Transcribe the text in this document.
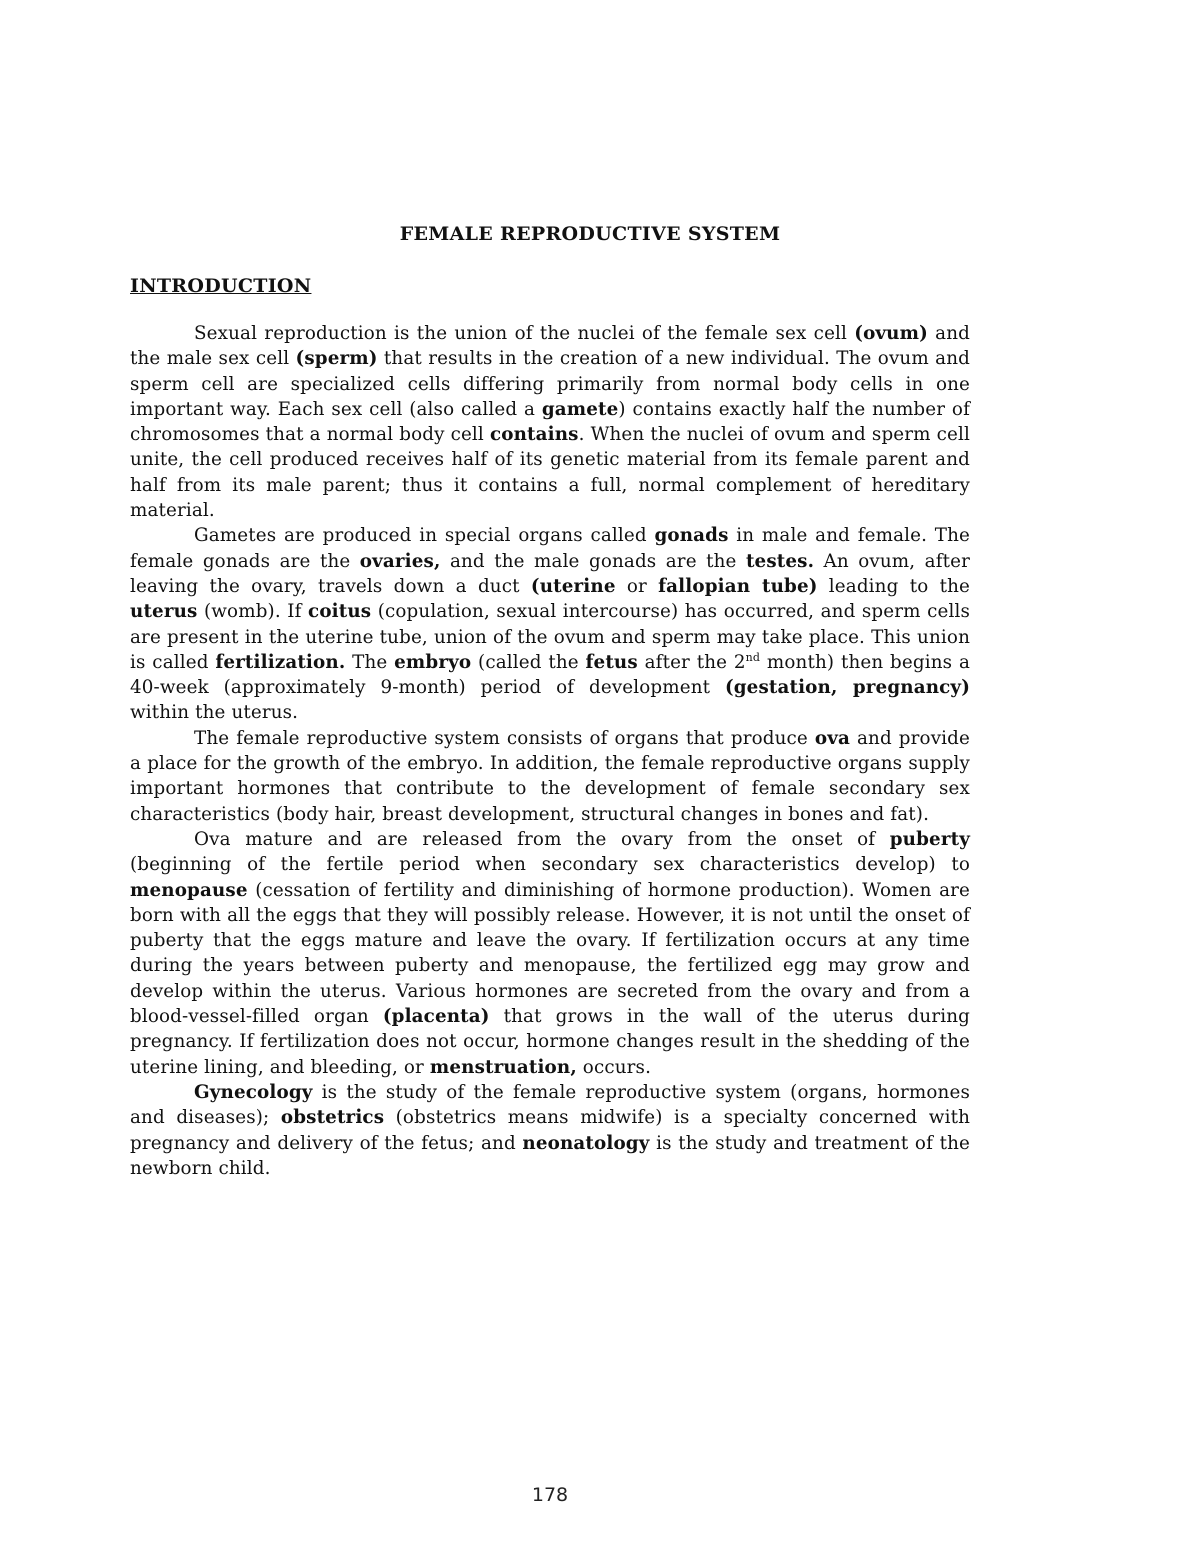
FEMALE REPRODUCTIVE SYSTEM
INTRODUCTION

Sexual reproduction is the union of the nuclei of the female sex cell (ovum) and the male sex cell (sperm) that results in the creation of a new individual. The ovum and sperm cell are specialized cells differing primarily from normal body cells in one important way. Each sex cell (also called a gamete) contains exactly half the number of chromosomes that a normal body cell contains. When the nuclei of ovum and sperm cell unite, the cell produced receives half of its genetic material from its female parent and half from its male parent; thus it contains a full, normal complement of hereditary material.

Gametes are produced in special organs called gonads in male and female. The female gonads are the ovaries, and the male gonads are the testes. An ovum, after leaving the ovary, travels down a duct (uterine or fallopian tube) leading to the uterus (womb). If coitus (copulation, sexual intercourse) has occurred, and sperm cells are present in the uterine tube, union of the ovum and sperm may take place. This union is called fertilization. The embryo (called the fetus after the 2nd month) then begins a 40-week (approximately 9-month) period of development (gestation, pregnancy) within the uterus.

The female reproductive system consists of organs that produce ova and provide a place for the growth of the embryo. In addition, the female reproductive organs supply important hormones that contribute to the development of female secondary sex characteristics (body hair, breast development, structural changes in bones and fat).

Ova mature and are released from the ovary from the onset of puberty (beginning of the fertile period when secondary sex characteristics develop) to menopause (cessation of fertility and diminishing of hormone production). Women are born with all the eggs that they will possibly release. However, it is not until the onset of puberty that the eggs mature and leave the ovary. If fertilization occurs at any time during the years between puberty and menopause, the fertilized egg may grow and develop within the uterus. Various hormones are secreted from the ovary and from a blood-vessel-filled organ (placenta) that grows in the wall of the uterus during pregnancy. If fertilization does not occur, hormone changes result in the shedding of the uterine lining, and bleeding, or menstruation, occurs.

Gynecology is the study of the female reproductive system (organs, hormones and diseases); obstetrics (obstetrics means midwife) is a specialty concerned with pregnancy and delivery of the fetus; and neonatology is the study and treatment of the newborn child.

178
